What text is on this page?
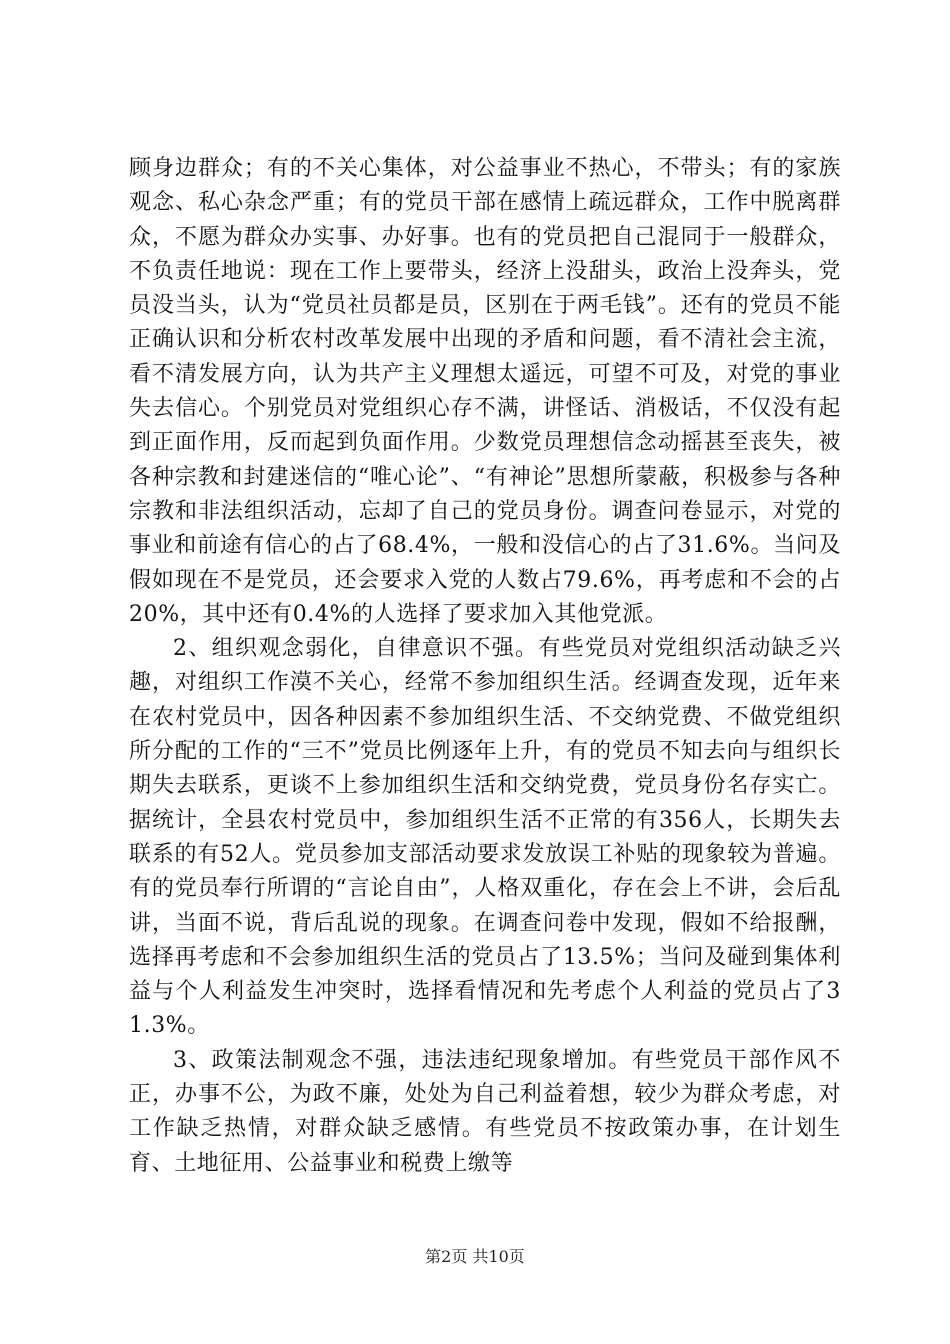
顾身边群众；有的不关心集体，对公益事业不热心，不带头；有的家族观念、私心杂念严重；有的党员干部在感情上疏远群众，工作中脱离群众，不愿为群众办实事、办好事。也有的党员把自己混同于一般群众，不负责任地说：现在工作上要带头，经济上没甜头，政治上没奔头，党员没当头，认为“党员社员都是员，区别在于两毛钱”。还有的党员不能正确认识和分析农村改革发展中出现的矛盾和问题，看不清社会主流，看不清发展方向，认为共产主义理想太遥远，可望不可及，对党的事业失去信心。个别党员对党组织心存不满，讲怪话、消极话，不仅没有起到正面作用，反而起到负面作用。少数党员理想信念动摇甚至丧失，被各种宗教和封建迷信的“唯心论”、“有神论”思想所蒙蔽，积极参与各种宗教和非法组织活动，忘却了自己的党员身份。调查问卷显示，对党的事业和前途有信心的占了68.4%，一般和没信心的占了31.6%。当问及假如现在不是党员，还会要求入党的人数占79.6%，再考虑和不会的占20%，其中还有0.4%的人选择了要求加入其他党派。

2、组织观念弱化，自律意识不强。有些党员对党组织活动缺乏兴趣，对组织工作漠不关心，经常不参加组织生活。经调查发现，近年来在农村党员中，因各种因素不参加组织生活、不交纳党费、不做党组织所分配的工作的“三不”党员比例逐年上升，有的党员不知去向与组织长期失去联系，更谈不上参加组织生活和交纳党费，党员身份名存实亡。据统计，全县农村党员中，参加组织生活不正常的有356人，长期失去联系的有52人。党员参加支部活动要求发放误工补贴的现象较为普遍。有的党员奉行所谓的“言论自由”，人格双重化，存在会上不讲，会后乱讲，当面不说，背后乱说的现象。在调查问卷中发现，假如不给报酬，选择再考虑和不会参加组织生活的党员占了13.5%；当问及碰到集体利益与个人利益发生冲突时，选择看情况和先考虑个人利益的党员占了31.3%。

3、政策法制观念不强，违法违纪现象增加。有些党员干部作风不正，办事不公，为政不廉，处处为自己利益着想，较少为群众考虑，对工作缺乏热情，对群众缺乏感情。有些党员不按政策办事，在计划生育、土地征用、公益事业和税费上缴等

第2页 共10页
